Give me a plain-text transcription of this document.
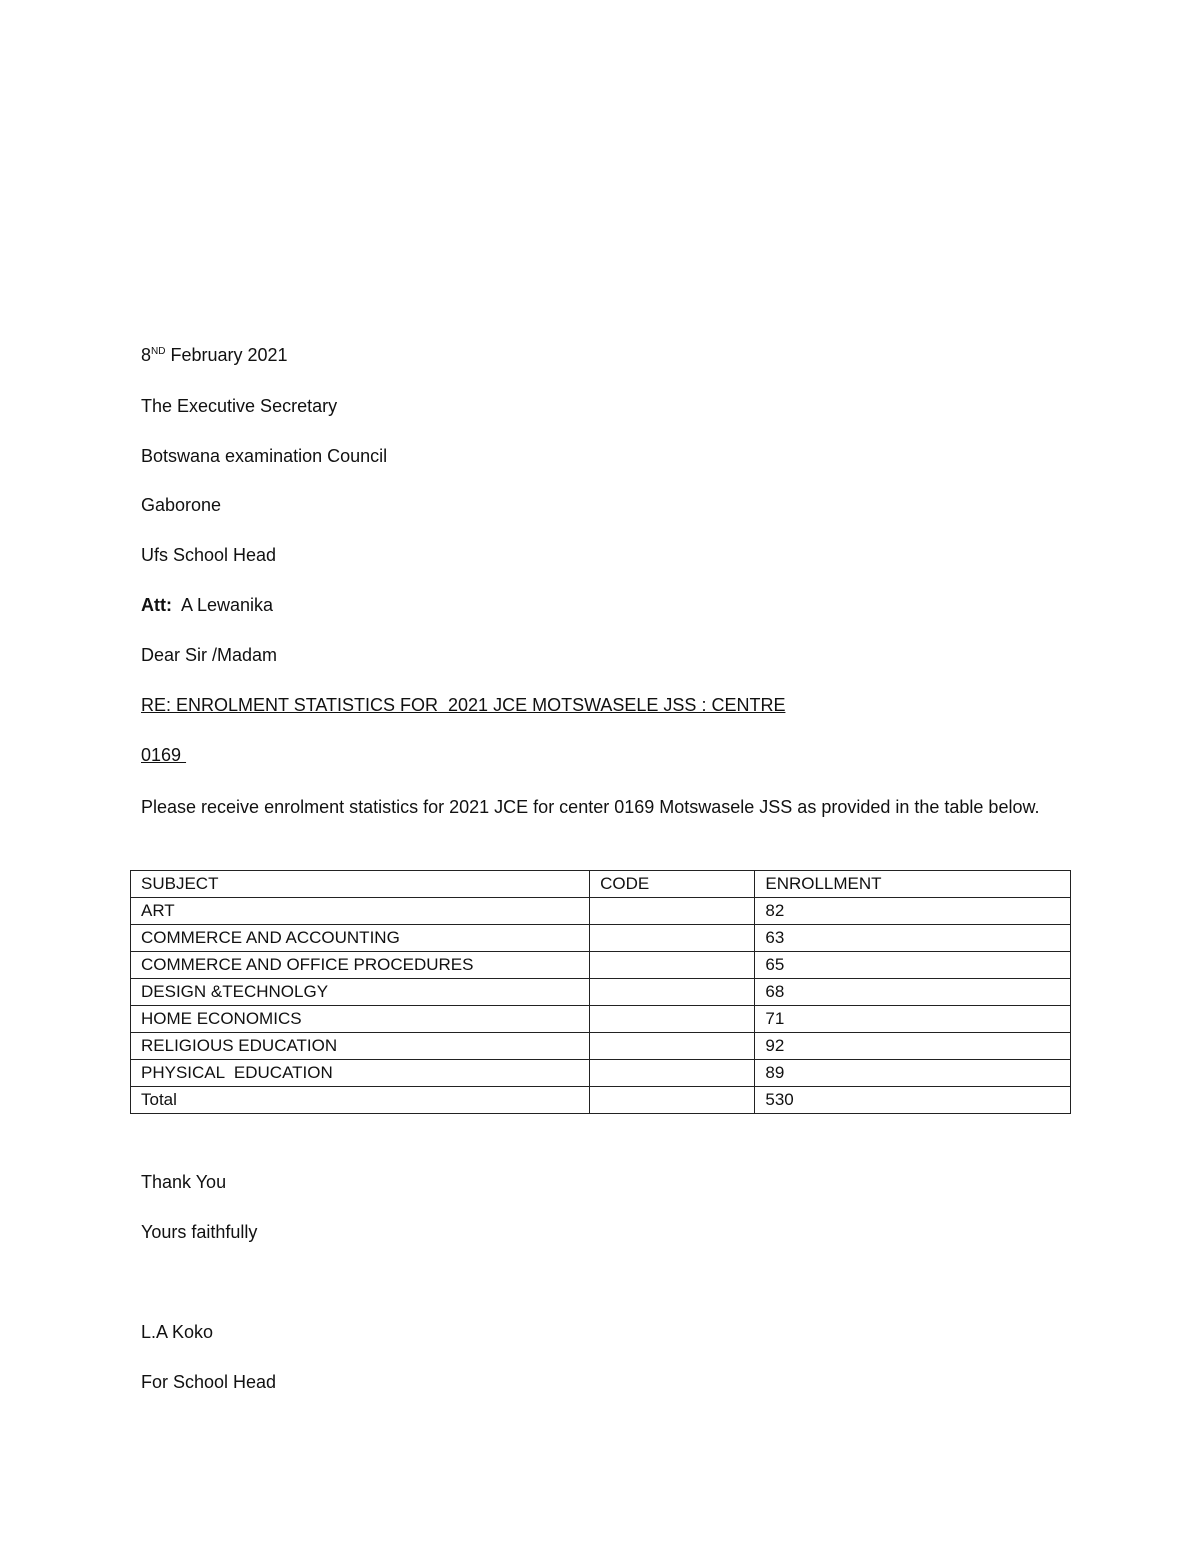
8ND February 2021
The Executive Secretary
Botswana examination Council
Gaborone
Ufs School Head
Att:  A Lewanika
Dear Sir /Madam
RE: ENROLMENT STATISTICS FOR  2021 JCE MOTSWASELE JSS : CENTRE
0169
Please receive enrolment statistics for 2021 JCE for center 0169 Motswasele JSS as provided in the table below.
SUBJECT	CODE	ENROLLMENT
ART		82
COMMERCE AND ACCOUNTING		63
COMMERCE AND OFFICE PROCEDURES		65
DESIGN &TECHNOLGY		68
HOME ECONOMICS		71
RELIGIOUS EDUCATION		92
PHYSICAL  EDUCATION		89
Total		530
Thank You
Yours faithfully
L.A Koko
For School Head
